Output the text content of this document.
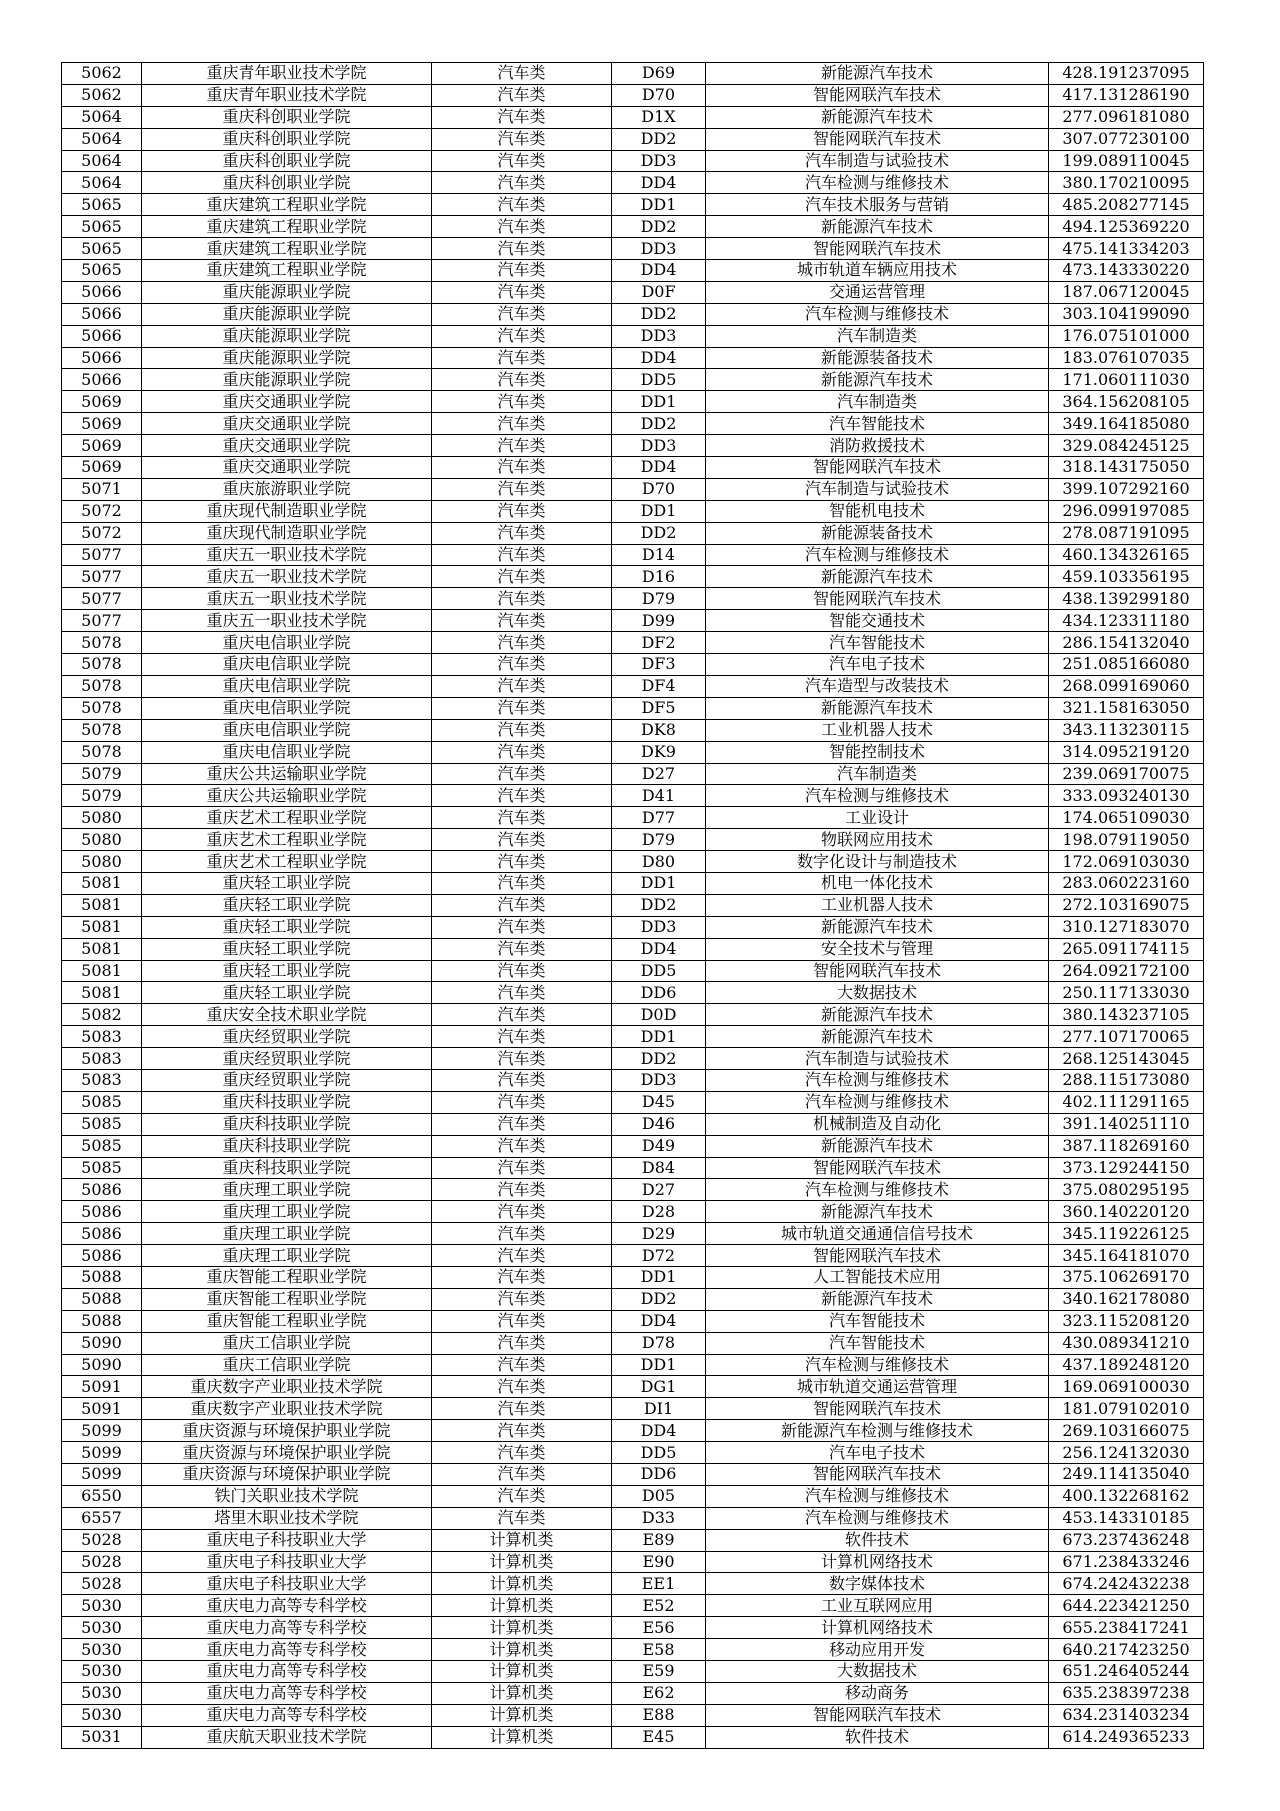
5062	重庆青年职业技术学院	汽车类	D69	新能源汽车技术	428.191237095
5062	重庆青年职业技术学院	汽车类	D70	智能网联汽车技术	417.131286190
5064	重庆科创职业学院	汽车类	D1X	新能源汽车技术	277.096181080
5064	重庆科创职业学院	汽车类	DD2	智能网联汽车技术	307.077230100
5064	重庆科创职业学院	汽车类	DD3	汽车制造与试验技术	199.089110045
5064	重庆科创职业学院	汽车类	DD4	汽车检测与维修技术	380.170210095
5065	重庆建筑工程职业学院	汽车类	DD1	汽车技术服务与营销	485.208277145
5065	重庆建筑工程职业学院	汽车类	DD2	新能源汽车技术	494.125369220
5065	重庆建筑工程职业学院	汽车类	DD3	智能网联汽车技术	475.141334203
5065	重庆建筑工程职业学院	汽车类	DD4	城市轨道车辆应用技术	473.143330220
5066	重庆能源职业学院	汽车类	D0F	交通运营管理	187.067120045
5066	重庆能源职业学院	汽车类	DD2	汽车检测与维修技术	303.104199090
5066	重庆能源职业学院	汽车类	DD3	汽车制造类	176.075101000
5066	重庆能源职业学院	汽车类	DD4	新能源装备技术	183.076107035
5066	重庆能源职业学院	汽车类	DD5	新能源汽车技术	171.060111030
5069	重庆交通职业学院	汽车类	DD1	汽车制造类	364.156208105
5069	重庆交通职业学院	汽车类	DD2	汽车智能技术	349.164185080
5069	重庆交通职业学院	汽车类	DD3	消防救援技术	329.084245125
5069	重庆交通职业学院	汽车类	DD4	智能网联汽车技术	318.143175050
5071	重庆旅游职业学院	汽车类	D70	汽车制造与试验技术	399.107292160
5072	重庆现代制造职业学院	汽车类	DD1	智能机电技术	296.099197085
5072	重庆现代制造职业学院	汽车类	DD2	新能源装备技术	278.087191095
5077	重庆五一职业技术学院	汽车类	D14	汽车检测与维修技术	460.134326165
5077	重庆五一职业技术学院	汽车类	D16	新能源汽车技术	459.103356195
5077	重庆五一职业技术学院	汽车类	D79	智能网联汽车技术	438.139299180
5077	重庆五一职业技术学院	汽车类	D99	智能交通技术	434.123311180
5078	重庆电信职业学院	汽车类	DF2	汽车智能技术	286.154132040
5078	重庆电信职业学院	汽车类	DF3	汽车电子技术	251.085166080
5078	重庆电信职业学院	汽车类	DF4	汽车造型与改装技术	268.099169060
5078	重庆电信职业学院	汽车类	DF5	新能源汽车技术	321.158163050
5078	重庆电信职业学院	汽车类	DK8	工业机器人技术	343.113230115
5078	重庆电信职业学院	汽车类	DK9	智能控制技术	314.095219120
5079	重庆公共运输职业学院	汽车类	D27	汽车制造类	239.069170075
5079	重庆公共运输职业学院	汽车类	D41	汽车检测与维修技术	333.093240130
5080	重庆艺术工程职业学院	汽车类	D77	工业设计	174.065109030
5080	重庆艺术工程职业学院	汽车类	D79	物联网应用技术	198.079119050
5080	重庆艺术工程职业学院	汽车类	D80	数字化设计与制造技术	172.069103030
5081	重庆轻工职业学院	汽车类	DD1	机电一体化技术	283.060223160
5081	重庆轻工职业学院	汽车类	DD2	工业机器人技术	272.103169075
5081	重庆轻工职业学院	汽车类	DD3	新能源汽车技术	310.127183070
5081	重庆轻工职业学院	汽车类	DD4	安全技术与管理	265.091174115
5081	重庆轻工职业学院	汽车类	DD5	智能网联汽车技术	264.092172100
5081	重庆轻工职业学院	汽车类	DD6	大数据技术	250.117133030
5082	重庆安全技术职业学院	汽车类	D0D	新能源汽车技术	380.143237105
5083	重庆经贸职业学院	汽车类	DD1	新能源汽车技术	277.107170065
5083	重庆经贸职业学院	汽车类	DD2	汽车制造与试验技术	268.125143045
5083	重庆经贸职业学院	汽车类	DD3	汽车检测与维修技术	288.115173080
5085	重庆科技职业学院	汽车类	D45	汽车检测与维修技术	402.111291165
5085	重庆科技职业学院	汽车类	D46	机械制造及自动化	391.140251110
5085	重庆科技职业学院	汽车类	D49	新能源汽车技术	387.118269160
5085	重庆科技职业学院	汽车类	D84	智能网联汽车技术	373.129244150
5086	重庆理工职业学院	汽车类	D27	汽车检测与维修技术	375.080295195
5086	重庆理工职业学院	汽车类	D28	新能源汽车技术	360.140220120
5086	重庆理工职业学院	汽车类	D29	城市轨道交通通信信号技术	345.119226125
5086	重庆理工职业学院	汽车类	D72	智能网联汽车技术	345.164181070
5088	重庆智能工程职业学院	汽车类	DD1	人工智能技术应用	375.106269170
5088	重庆智能工程职业学院	汽车类	DD2	新能源汽车技术	340.162178080
5088	重庆智能工程职业学院	汽车类	DD4	汽车智能技术	323.115208120
5090	重庆工信职业学院	汽车类	D78	汽车智能技术	430.089341210
5090	重庆工信职业学院	汽车类	DD1	汽车检测与维修技术	437.189248120
5091	重庆数字产业职业技术学院	汽车类	DG1	城市轨道交通运营管理	169.069100030
5091	重庆数字产业职业技术学院	汽车类	DI1	智能网联汽车技术	181.079102010
5099	重庆资源与环境保护职业学院	汽车类	DD4	新能源汽车检测与维修技术	269.103166075
5099	重庆资源与环境保护职业学院	汽车类	DD5	汽车电子技术	256.124132030
5099	重庆资源与环境保护职业学院	汽车类	DD6	智能网联汽车技术	249.114135040
6550	铁门关职业技术学院	汽车类	D05	汽车检测与维修技术	400.132268162
6557	塔里木职业技术学院	汽车类	D33	汽车检测与维修技术	453.143310185
5028	重庆电子科技职业大学	计算机类	E89	软件技术	673.237436248
5028	重庆电子科技职业大学	计算机类	E90	计算机网络技术	671.238433246
5028	重庆电子科技职业大学	计算机类	EE1	数字媒体技术	674.242432238
5030	重庆电力高等专科学校	计算机类	E52	工业互联网应用	644.223421250
5030	重庆电力高等专科学校	计算机类	E56	计算机网络技术	655.238417241
5030	重庆电力高等专科学校	计算机类	E58	移动应用开发	640.217423250
5030	重庆电力高等专科学校	计算机类	E59	大数据技术	651.246405244
5030	重庆电力高等专科学校	计算机类	E62	移动商务	635.238397238
5030	重庆电力高等专科学校	计算机类	E88	智能网联汽车技术	634.231403234
5031	重庆航天职业技术学院	计算机类	E45	软件技术	614.249365233
